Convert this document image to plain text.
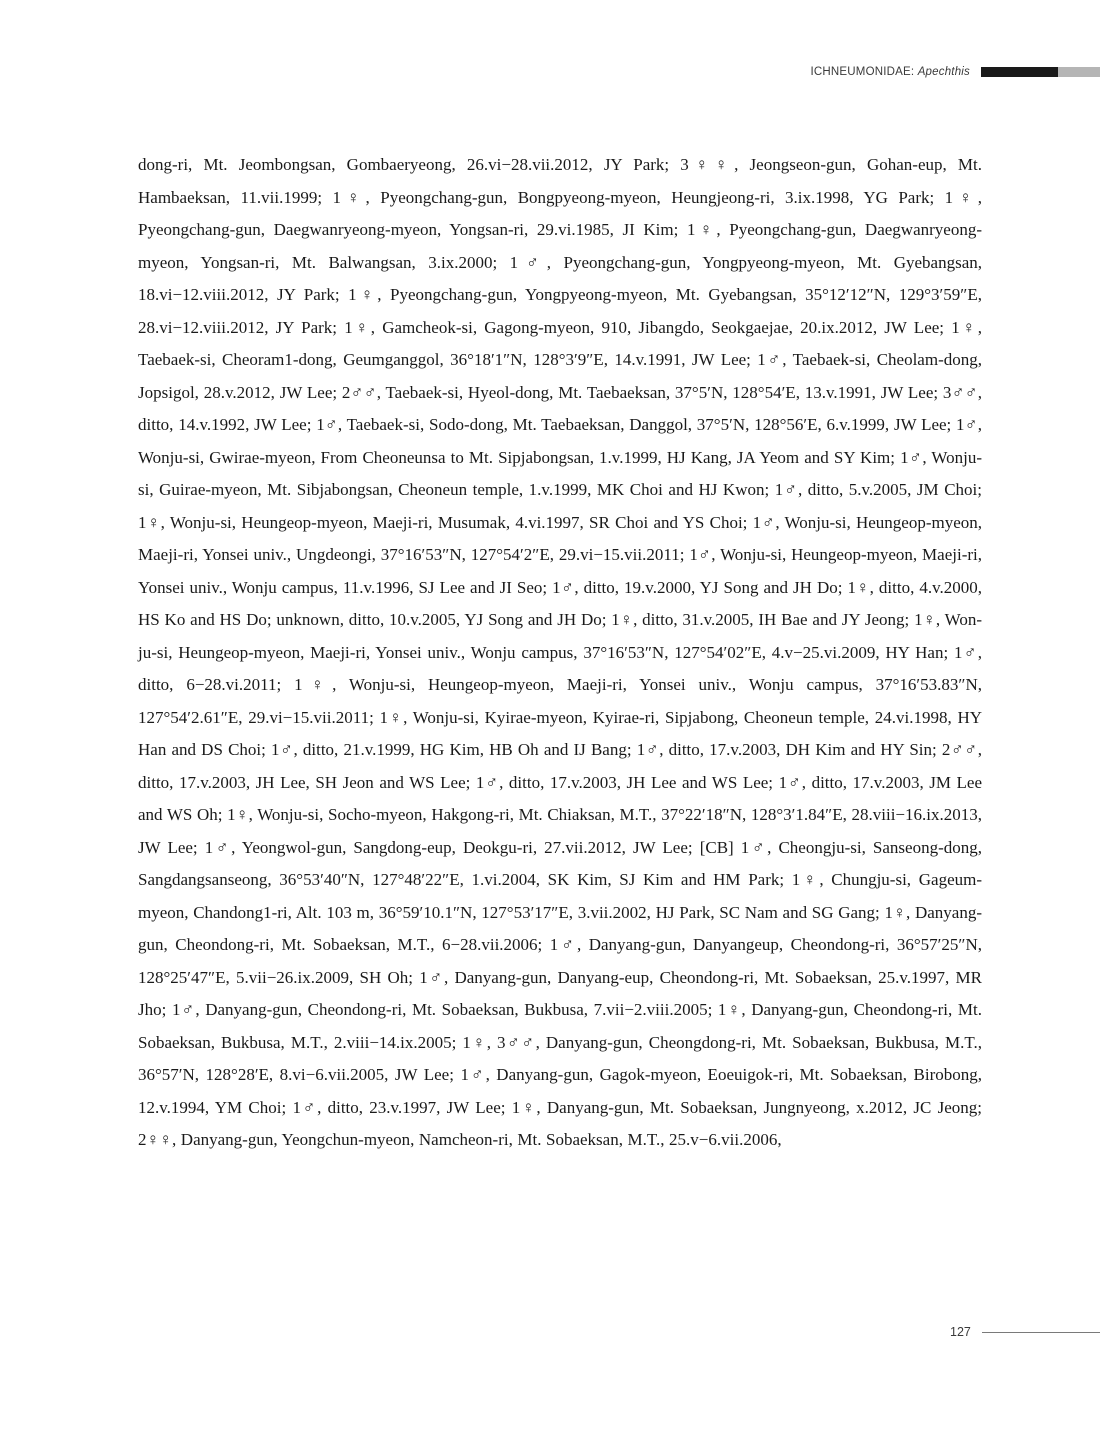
ICHNEUMONIDAE: Apechthis

dong-ri, Mt. Jeombongsan, Gombaeryeong, 26.vi−28.vii.2012, JY Park; 3♀♀, Jeongseon-gun, Gohan-eup, Mt. Hambaeksan, 11.vii.1999; 1♀, Pyeongchang-gun, Bongpyeong-myeon, Heungjeong-ri, 3.ix.1998, YG Park; 1♀, Pyeongchang-gun, Daegwanryeong-myeon, Yongsan-ri, 29.vi.1985, JI Kim; 1♀, Pyeongchang-gun, Daegwanryeong-myeon, Yongsan-ri, Mt. Balwangsan, 3.ix.2000; 1♂, Pyeongchang-gun, Yongpyeong-myeon, Mt. Gyebangsan, 18.vi−12.viii.2012, JY Park; 1♀, Pyeongchang-gun, Yongpyeong-myeon, Mt. Gyebangsan, 35°12′12″N, 129°3′59″E, 28.vi−12.viii.2012, JY Park; 1♀, Gamcheok-si, Gagong-myeon, 910, Jibangdo, Seokgaejae, 20.ix.2012, JW Lee; 1♀, Taebaek-si, Cheoram1-dong, Geumganggol, 36°18′1″N, 128°3′9″E, 14.v.1991, JW Lee; 1♂, Taebaek-si, Cheolam-dong, Jopsigol, 28.v.2012, JW Lee; 2♂♂, Taebaek-si, Hyeol-dong, Mt. Taebaeksan, 37°5′N, 128°54′E, 13.v.1991, JW Lee; 3♂♂, ditto, 14.v.1992, JW Lee; 1♂, Taebaek-si, Sodo-dong, Mt. Taebaeksan, Danggol, 37°5′N, 128°56′E, 6.v.1999, JW Lee; 1♂, Wonju-si, Gwirae-myeon, From Cheoneunsa to Mt. Sipjabongsan, 1.v.1999, HJ Kang, JA Yeom and SY Kim; 1♂, Wonju-si, Guirae-myeon, Mt. Sibjabongsan, Cheoneun temple, 1.v.1999, MK Choi and HJ Kwon; 1♂, ditto, 5.v.2005, JM Choi; 1♀, Wonju-si, Heungeop-myeon, Maeji-ri, Musumak, 4.vi.1997, SR Choi and YS Choi; 1♂, Wonju-si, Heungeop-myeon, Maeji-ri, Yonsei univ., Ungdeongi, 37°16′53″N, 127°54′2″E, 29.vi−15.vii.2011; 1♂, Wonju-si, Heungeop-myeon, Maeji-ri, Yonsei univ., Wonju campus, 11.v.1996, SJ Lee and JI Seo; 1♂, ditto, 19.v.2000, YJ Song and JH Do; 1♀, ditto, 4.v.2000, HS Ko and HS Do; unknown, ditto, 10.v.2005, YJ Song and JH Do; 1♀, ditto, 31.v.2005, IH Bae and JY Jeong; 1♀, Wonju-si, Heungeop-myeon, Maeji-ri, Yonsei univ., Wonju campus, 37°16′53″N, 127°54′02″E, 4.v−25.vi.2009, HY Han; 1♂, ditto, 6−28.vi.2011; 1♀, Wonju-si, Heungeop-myeon, Maeji-ri, Yonsei univ., Wonju campus, 37°16′53.83″N, 127°54′2.61″E, 29.vi−15.vii.2011; 1♀, Wonju-si, Kyirae-myeon, Kyirae-ri, Sipjabong, Cheoneun temple, 24.vi.1998, HY Han and DS Choi; 1♂, ditto, 21.v.1999, HG Kim, HB Oh and IJ Bang; 1♂, ditto, 17.v.2003, DH Kim and HY Sin; 2♂♂, ditto, 17.v.2003, JH Lee, SH Jeon and WS Lee; 1♂, ditto, 17.v.2003, JH Lee and WS Lee; 1♂, ditto, 17.v.2003, JM Lee and WS Oh; 1♀, Wonju-si, Socho-myeon, Hakgong-ri, Mt. Chiaksan, M.T., 37°22′18″N, 128°3′1.84″E, 28.viii−16.ix.2013, JW Lee; 1♂, Yeongwol-gun, Sangdong-eup, Deokgu-ri, 27.vii.2012, JW Lee; [CB] 1♂, Cheongju-si, Sanseong-dong, Sangdangsanseong, 36°53′40″N, 127°48′22″E, 1.vi.2004, SK Kim, SJ Kim and HM Park; 1♀, Chungju-si, Gageum-myeon, Chandong1-ri, Alt. 103 m, 36°59′10.1″N, 127°53′17″E, 3.vii.2002, HJ Park, SC Nam and SG Gang; 1♀, Danyang-gun, Cheondong-ri, Mt. Sobaeksan, M.T., 6−28.vii.2006; 1♂, Danyang-gun, Danyangeup, Cheondong-ri, 36°57′25″N, 128°25′47″E, 5.vii−26.ix.2009, SH Oh; 1♂, Danyang-gun, Danyang-eup, Cheondong-ri, Mt. Sobaeksan, 25.v.1997, MR Jho; 1♂, Danyang-gun, Cheondong-ri, Mt. Sobaeksan, Bukbusa, 7.vii−2.viii.2005; 1♀, Danyang-gun, Cheondong-ri, Mt. Sobaeksan, Bukbusa, M.T., 2.viii−14.ix.2005; 1♀, 3♂♂, Danyang-gun, Cheongdong-ri, Mt. Sobaeksan, Bukbusa, M.T., 36°57′N, 128°28′E, 8.vi−6.vii.2005, JW Lee; 1♂, Danyang-gun, Gagok-myeon, Eoeuigok-ri, Mt. Sobaeksan, Birobong, 12.v.1994, YM Choi; 1♂, ditto, 23.v.1997, JW Lee; 1♀, Danyang-gun, Mt. Sobaeksan, Jungnyeong, x.2012, JC Jeong; 2♀♀, Danyang-gun, Yeongchun-myeon, Namcheon-ri, Mt. Sobaeksan, M.T., 25.v−6.vii.2006,

127
